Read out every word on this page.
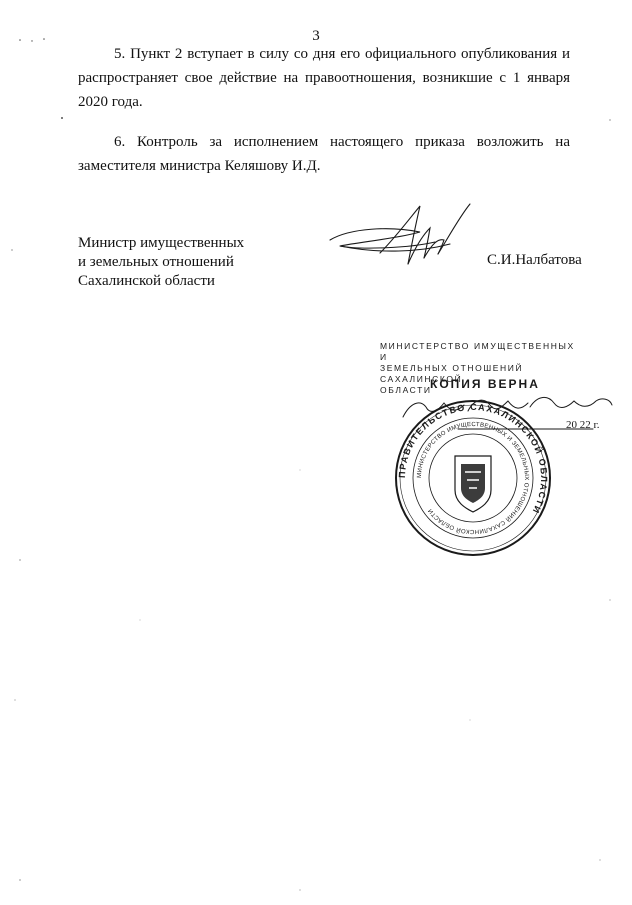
3

5. Пункт 2 вступает в силу со дня его официального опубликования и распространяет свое действие на правоотношения, возникшие с 1 января 2020 года.

6. Контроль за исполнением настоящего приказа возложить на заместителя министра Келяшову И.Д.

Министр имущественных
и земельных отношений
Сахалинской области
С.И.Налбатова
МИНИСТЕРСТВО ИМУЩЕСТВЕННЫХ И
ЗЕМЕЛЬНЫХ ОТНОШЕНИЙ САХАЛИНСКОЙ
ОБЛАСТИ
КОПИЯ ВЕРНА
20 22 г.
ПРАВИТЕЛЬСТВО САХАЛИНСКОЙ ОБЛАСТИ
МИНИСТЕРСТВО ИМУЩЕСТВЕННЫХ И ЗЕМЕЛЬНЫХ ОТНОШЕНИЙ САХАЛИНСКОЙ ОБЛАСТИ
